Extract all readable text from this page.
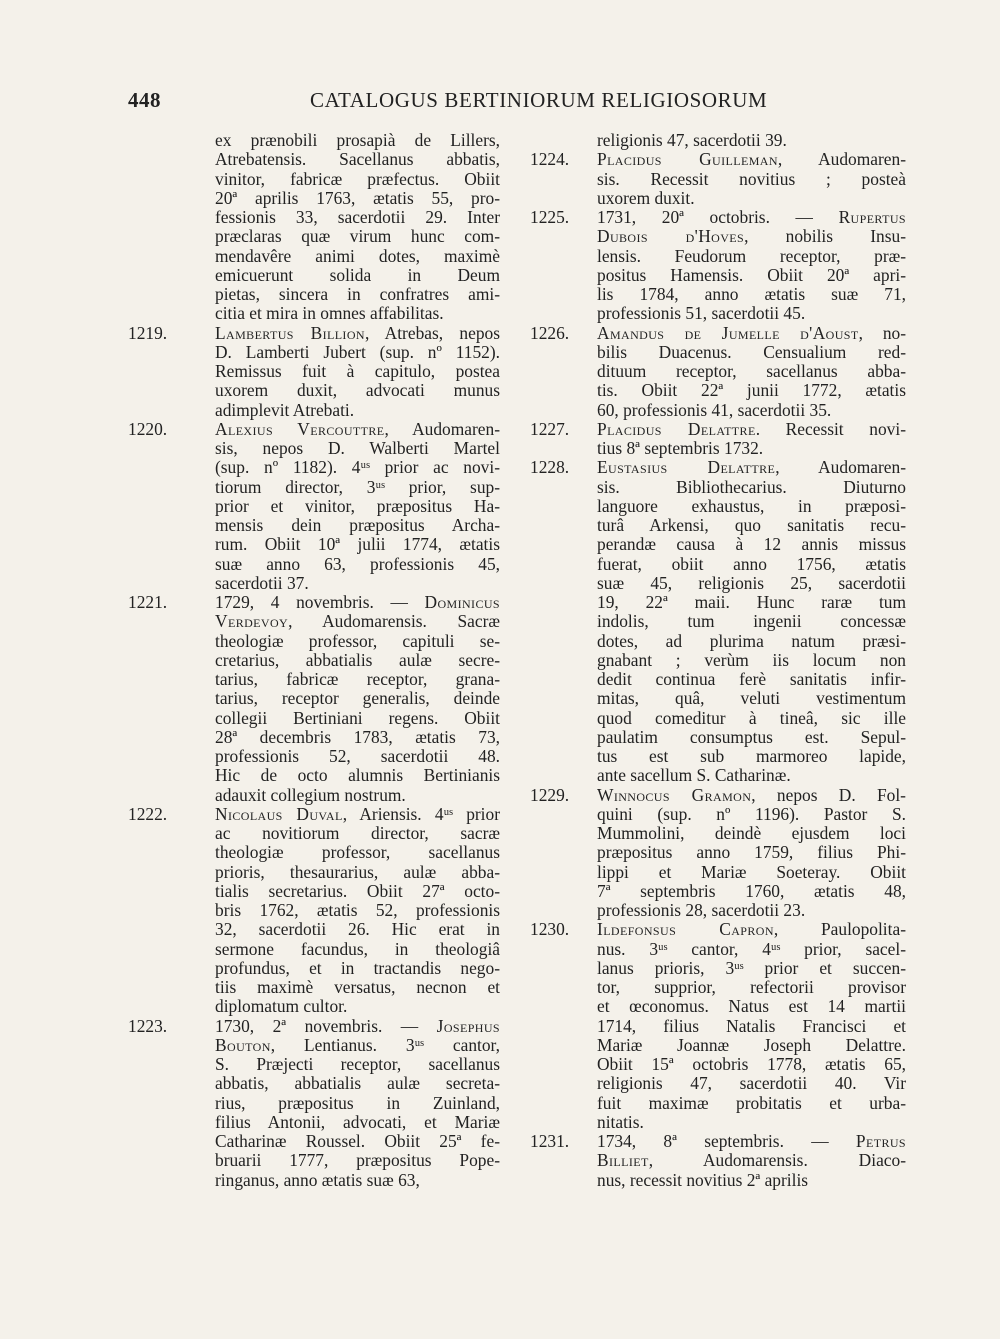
448	CATALOGUS BERTINIORUM RELIGIOSORUM
ex prænobili prosapià de Lillers,
Atrebatensis. Sacellanus abbatis,
vinitor, fabricæ præfectus. Obiit
20ª aprilis 1763, ætatis 55, pro-
fessionis 33, sacerdotii 29. Inter
præclaras quæ virum hunc com-
mendavêre animi dotes, maximè
emicuerunt solida in Deum
pietas, sincera in confratres ami-
citia et mira in omnes affabilitas.
1219.	Lambertus Billion, Atrebas, nepos
D. Lamberti Jubert (sup. nº 1152).
Remissus fuit à capitulo, postea
uxorem duxit, advocati munus
adimplevit Atrebati.
1220.	Alexius Vercouttre, Audomaren-
sis, nepos D. Walberti Martel
(sup. nº 1182). 4ᵘˢ prior ac novi-
tiorum director, 3ᵘˢ prior, sup-
prior et vinitor, præpositus Ha-
mensis dein præpositus Archa-
rum. Obiit 10ª julii 1774, ætatis
suæ anno 63, professionis 45,
sacerdotii 37.
1221.	1729, 4 novembris. — Dominicus
Verdevoy, Audomarensis. Sacræ
theologiæ professor, capituli se-
cretarius, abbatialis aulæ secre-
tarius, fabricæ receptor, grana-
tarius, receptor generalis, deinde
collegii Bertiniani regens. Obiit
28ª decembris 1783, ætatis 73,
professionis 52, sacerdotii 48.
Hic de octo alumnis Bertinianis
adauxit collegium nostrum.
1222.	Nicolaus Duval, Ariensis. 4ᵘˢ prior
ac novitiorum director, sacræ
theologiæ professor, sacellanus
prioris, thesaurarius, aulæ abba-
tialis secretarius. Obiit 27ª octo-
bris 1762, ætatis 52, professionis
32, sacerdotii 26. Hic erat in
sermone facundus, in theologiâ
profundus, et in tractandis nego-
tiis maximè versatus, necnon et
diplomatum cultor.
1223.	1730, 2ª novembris. — Josephus
Bouton, Lentianus. 3ᵘˢ cantor,
S. Præjecti receptor, sacellanus
abbatis, abbatialis aulæ secreta-
rius, præpositus in Zuinland,
filius Antonii, advocati, et Mariæ
Catharinæ Roussel. Obiit 25ª fe-
bruarii 1777, præpositus Pope-
ringanus, anno ætatis suæ 63,
religionis 47, sacerdotii 39.
1224. Placidus Guilleman, Audomaren-
sis. Recessit novitius ; posteà
uxorem duxit.
1225. 1731, 20ª octobris. — Rupertus
Dubois d'Hoves, nobilis Insu-
lensis. Feudorum receptor, præ-
positus Hamensis. Obiit 20ª apri-
lis 1784, anno ætatis suæ 71,
professionis 51, sacerdotii 45.
1226. Amandus de Jumelle d'Aoust, no-
bilis Duacenus. Censualium red-
dituum receptor, sacellanus abba-
tis. Obiit 22ª junii 1772, ætatis
60, professionis 41, sacerdotii 35.
1227. Placidus Delattre. Recessit novi-
tius 8ª septembris 1732.
1228. Eustasius Delattre, Audomaren-
sis. Bibliothecarius. Diuturno
languore exhaustus, in præposi-
turâ Arkensi, quo sanitatis recu-
perandæ causa à 12 annis missus
fuerat, obiit anno 1756, ætatis
suæ 45, religionis 25, sacerdotii
19, 22ª maii. Hunc raræ tum
indolis, tum ingenii concessæ
dotes, ad plurima natum præsi-
gnabant ; verùm iis locum non
dedit continua ferè sanitatis infir-
mitas, quâ, veluti vestimentum
quod comeditur à tineâ, sic ille
paulatim consumptus est. Sepul-
tus est sub marmoreo lapide,
ante sacellum S. Catharinæ.
1229. Winnocus Gramon, nepos D. Fol-
quini (sup. nº 1196). Pastor S.
Mummolini, deindè ejusdem loci
præpositus anno 1759, filius Phi-
lippi et Mariæ Soeteray. Obiit
7ª septembris 1760, ætatis 48,
professionis 28, sacerdotii 23.
1230. Ildefonsus Capron, Paulopolita-
nus. 3ᵘˢ cantor, 4ᵘˢ prior, sacel-
lanus prioris, 3ᵘˢ prior et succen-
tor, supprior, refectorii provisor
et œconomus. Natus est 14 martii
1714, filius Natalis Francisci et
Mariæ Joannæ Joseph Delattre.
Obiit 15ª octobris 1778, ætatis 65,
religionis 47, sacerdotii 40. Vir
fuit maximæ probitatis et urba-
nitatis.
1231. 1734, 8ª septembris. — Petrus
Billiet, Audomarensis. Diaco-
nus, recessit novitius 2ª aprilis
